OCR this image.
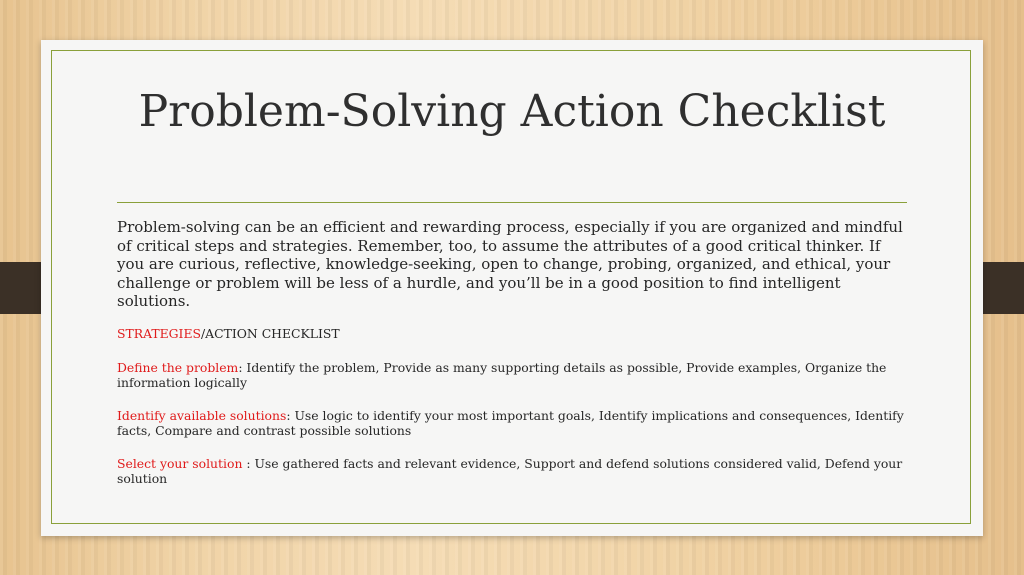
Problem-Solving Action Checklist
Problem-solving can be an efficient and rewarding process, especially if you are organized and mindful of critical steps and strategies. Remember, too, to assume the attributes of a good critical thinker. If you are curious, reflective, knowledge-seeking, open to change, probing, organized, and ethical, your challenge or problem will be less of a hurdle, and you’ll be in a good position to find intelligent solutions.

STRATEGIES/ACTION CHECKLIST

Define the problem: Identify the problem, Provide as many supporting details as possible, Provide examples, Organize the information logically

Identify available solutions: Use logic to identify your most important goals, Identify implications and consequences, Identify facts, Compare and contrast possible solutions

Select your solution : Use gathered facts and relevant evidence, Support and defend solutions considered valid, Defend your solution
